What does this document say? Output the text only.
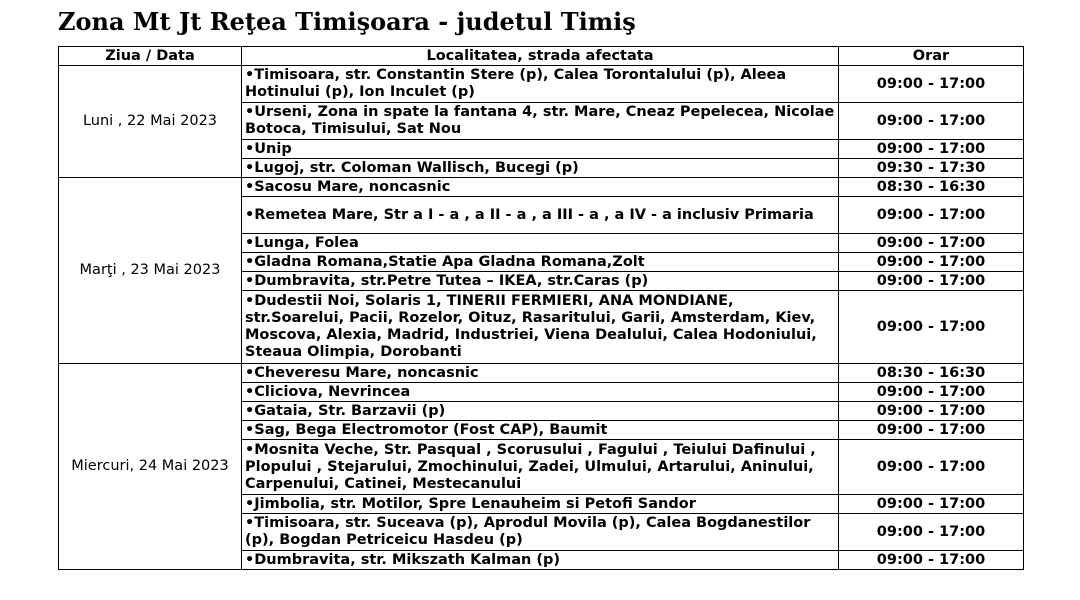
Zona Mt Jt Reţea Timişoara - judetul Timiş
Ziua / Data	Localitatea, strada afectata	Orar
Luni , 22 Mai 2023	•Timisoara, str. Constantin Stere (p), Calea Torontalului (p), Aleea Hotinului (p), Ion Inculet (p)	09:00 - 17:00
	•Urseni, Zona in spate la fantana 4, str. Mare, Cneaz Pepelecea, Nicolae Botoca, Timisului, Sat Nou	09:00 - 17:00
	•Unip	09:00 - 17:00
	•Lugoj, str. Coloman Wallisch, Bucegi (p)	09:30 - 17:30
Marţi , 23 Mai 2023	•Sacosu Mare, noncasnic	08:30 - 16:30
	•Remetea Mare, Str a I - a , a II - a , a III - a , a IV - a inclusiv Primaria	09:00 - 17:00
	•Lunga, Folea	09:00 - 17:00
	•Gladna Romana,Statie Apa Gladna Romana,Zolt	09:00 - 17:00
	•Dumbravita, str.Petre Tutea – IKEA, str.Caras (p)	09:00 - 17:00
	•Dudestii Noi, Solaris 1, TINERII FERMIERI, ANA MONDIANE, str.Soarelui, Pacii, Rozelor, Oituz, Rasaritului, Garii, Amsterdam, Kiev, Moscova, Alexia, Madrid, Industriei, Viena Dealului, Calea Hodoniului, Steaua Olimpia, Dorobanti	09:00 - 17:00
Miercuri, 24 Mai 2023	•Cheveresu Mare, noncasnic	08:30 - 16:30
	•Cliciova, Nevrincea	09:00 - 17:00
	•Gataia, Str. Barzavii (p)	09:00 - 17:00
	•Sag, Bega Electromotor (Fost CAP), Baumit	09:00 - 17:00
	•Mosnita Veche, Str. Pasqual , Scorusului , Fagului , Teiului Dafinului , Plopului , Stejarului, Zmochinului, Zadei, Ulmului, Artarului, Aninului, Carpenului, Catinei, Mestecanului	09:00 - 17:00
	•Jimbolia, str. Motilor, Spre Lenauheim si Petofi Sandor	09:00 - 17:00
	•Timisoara, str. Suceava (p), Aprodul Movila (p), Calea Bogdanestilor (p), Bogdan Petriceicu Hasdeu (p)	09:00 - 17:00
	•Dumbravita, str. Mikszath Kalman (p)	09:00 - 17:00
